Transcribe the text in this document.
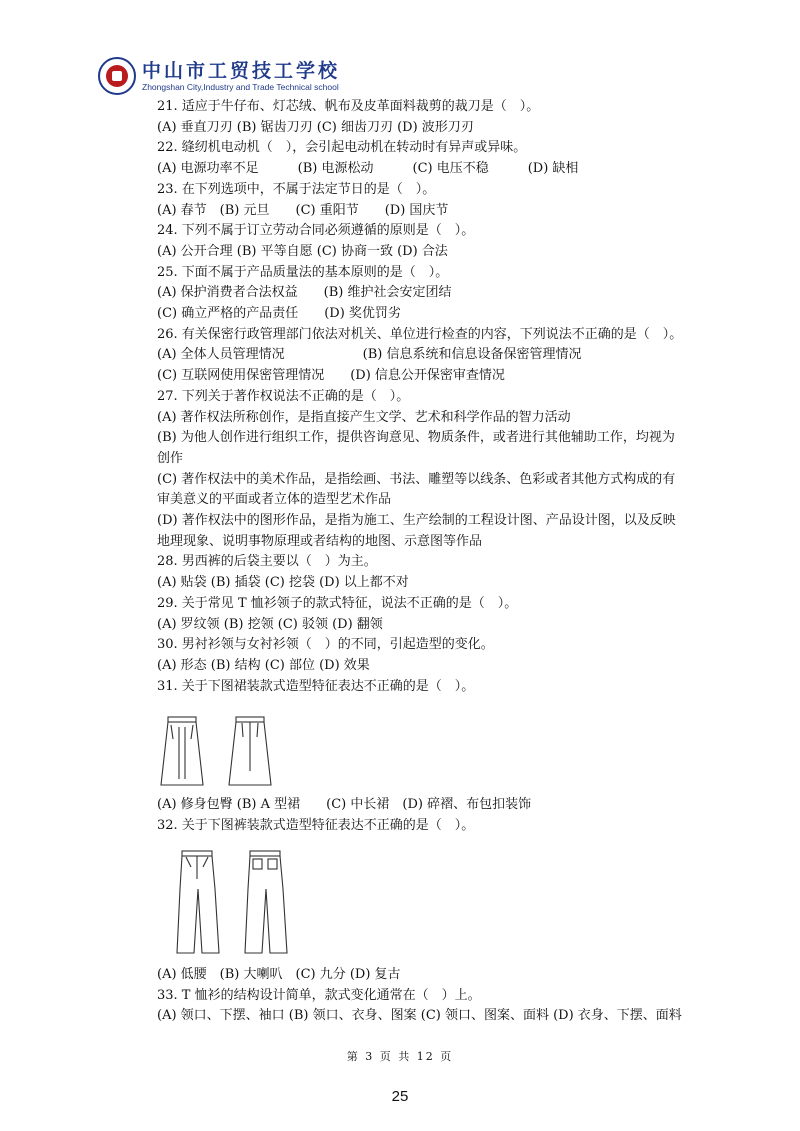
中山市工贸技工学校
Zhongshan City,Industry and Trade Technical school
21. 适应于牛仔布、灯芯绒、帆布及皮革面料裁剪的裁刀是（　）。
(A) 垂直刀刃 (B) 锯齿刀刃 (C) 细齿刀刃 (D) 波形刀刃
22. 缝纫机电动机（　），会引起电动机在转动时有异声或异味。
(A) 电源功率不足　　　(B) 电源松动　　　(C) 电压不稳　　　(D) 缺相
23. 在下列选项中，不属于法定节日的是（　）。
(A) 春节　(B) 元旦　　(C) 重阳节　　(D) 国庆节
24. 下列不属于订立劳动合同必须遵循的原则是（　）。
(A) 公开合理 (B) 平等自愿 (C) 协商一致 (D) 合法
25. 下面不属于产品质量法的基本原则的是（　）。
(A) 保护消费者合法权益　　(B) 维护社会安定团结
(C) 确立严格的产品责任　　(D) 奖优罚劣
26. 有关保密行政管理部门依法对机关、单位进行检查的内容，下列说法不正确的是（　）。
(A) 全体人员管理情况　　　　　　(B) 信息系统和信息设备保密管理情况
(C) 互联网使用保密管理情况　　(D) 信息公开保密审查情况
27. 下列关于著作权说法不正确的是（　）。
(A) 著作权法所称创作，是指直接产生文学、艺术和科学作品的智力活动
(B) 为他人创作进行组织工作，提供咨询意见、物质条件，或者进行其他辅助工作，均视为
创作
(C) 著作权法中的美术作品，是指绘画、书法、雕塑等以线条、色彩或者其他方式构成的有
审美意义的平面或者立体的造型艺术作品
(D) 著作权法中的图形作品，是指为施工、生产绘制的工程设计图、产品设计图，以及反映
地理现象、说明事物原理或者结构的地图、示意图等作品
28. 男西裤的后袋主要以（　）为主。
(A) 贴袋 (B) 插袋 (C) 挖袋 (D) 以上都不对
29. 关于常见 T 恤衫领子的款式特征，说法不正确的是（　）。
(A) 罗纹领 (B) 挖领 (C) 驳领 (D) 翻领
30. 男衬衫领与女衬衫领（　）的不同，引起造型的变化。
(A) 形态 (B) 结构 (C) 部位 (D) 效果
31. 关于下图裙装款式造型特征表达不正确的是（　）。
(A) 修身包臀 (B) A 型裙　　(C) 中长裙　(D) 碎褶、布包扣装饰
32. 关于下图裤装款式造型特征表达不正确的是（　）。
(A) 低腰　(B) 大喇叭　(C) 九分 (D) 复古
33. T 恤衫的结构设计简单，款式变化通常在（　）上。
(A) 领口、下摆、袖口 (B) 领口、衣身、图案 (C) 领口、图案、面料 (D) 衣身、下摆、面料
第 3 页 共 12 页
25
